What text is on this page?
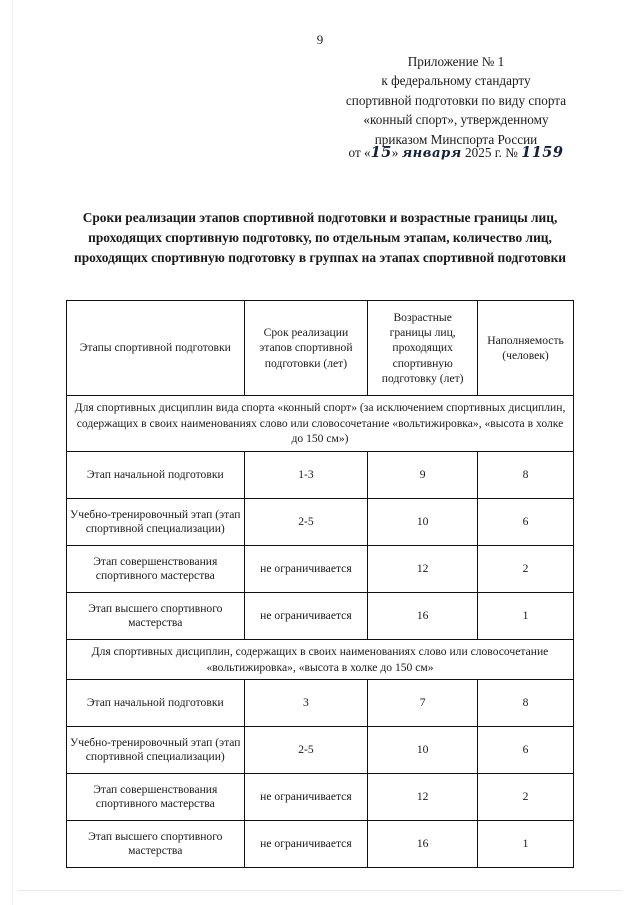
9
Приложение № 1
к федеральному стандарту
спортивной подготовки по виду спорта
«конный спорт», утвержденному
приказом Минспорта России
от «15» января 2025 г. № 1159
Сроки реализации этапов спортивной подготовки и возрастные границы лиц, проходящих спортивную подготовку, по отдельным этапам, количество лиц, проходящих спортивную подготовку в группах на этапах спортивной подготовки
Этапы спортивной подготовки	Срок реализации этапов спортивной подготовки (лет)	Возрастные границы лиц, проходящих спортивную подготовку (лет)	Наполняемость (человек)
Для спортивных дисциплин вида спорта «конный спорт» (за исключением спортивных дисциплин, содержащих в своих наименованиях слово или словосочетание «вольтижировка», «высота в холке до 150 см»)			
Этап начальной подготовки	1-3	9	8
Учебно-тренировочный этап (этап спортивной специализации)	2-5	10	6
Этап совершенствования спортивного мастерства	не ограничивается	12	2
Этап высшего спортивного мастерства	не ограничивается	16	1
Для спортивных дисциплин, содержащих в своих наименованиях слово или словосочетание «вольтижировка», «высота в холке до 150 см»			
Этап начальной подготовки	3	7	8
Учебно-тренировочный этап (этап спортивной специализации)	2-5	10	6
Этап совершенствования спортивного мастерства	не ограничивается	12	2
Этап высшего спортивного мастерства	не ограничивается	16	1
